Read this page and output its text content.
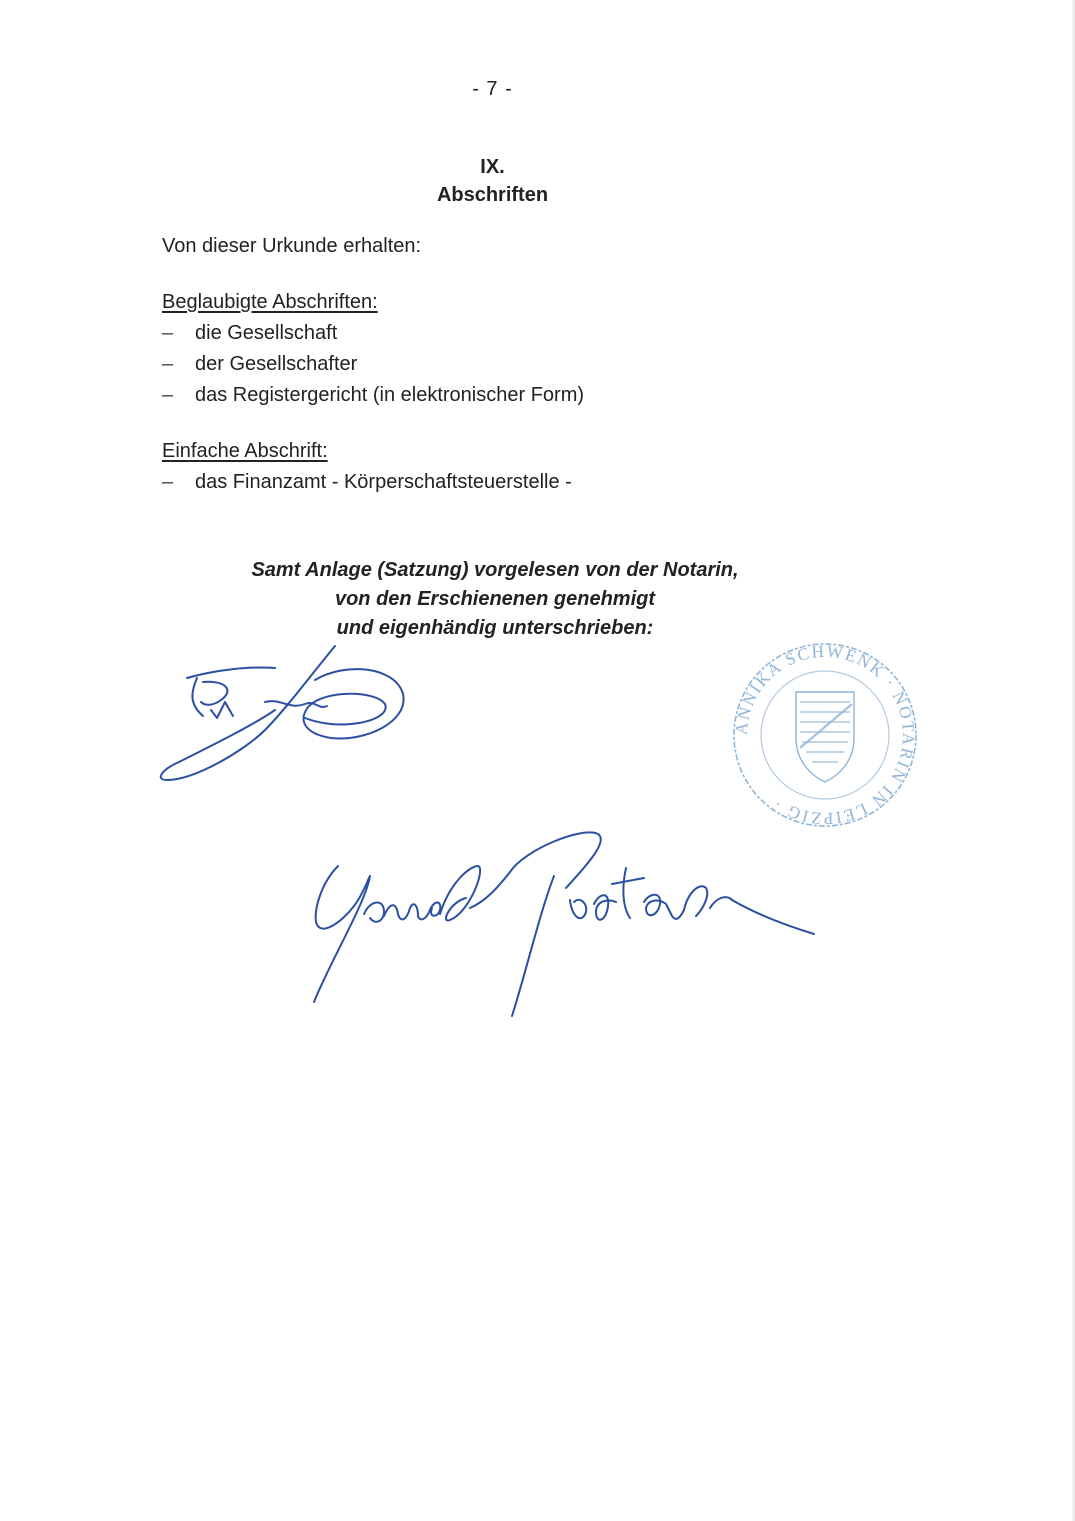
- 7 -
IX.
Abschriften
Von dieser Urkunde erhalten:
Beglaubigte Abschriften:
– die Gesellschaft
– der Gesellschafter
– das Registergericht (in elektronischer Form)
Einfache Abschrift:
– das Finanzamt - Körperschaftsteuerstelle -
Samt Anlage (Satzung) vorgelesen von der Notarin,
von den Erschienenen genehmigt
und eigenhändig unterschrieben:
ANNIKA SCHWENK · NOTARIN IN LEIPZIG ·
